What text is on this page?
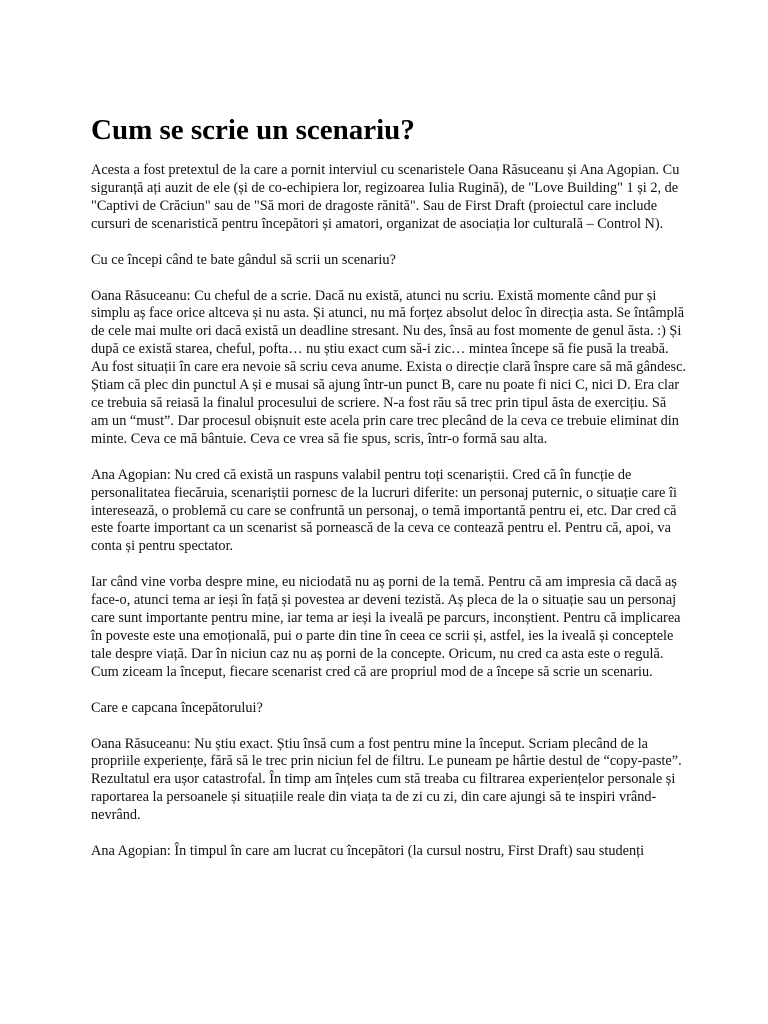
Cum se scrie un scenariu?

Acesta a fost pretextul de la care a pornit interviul cu scenaristele Oana Răsuceanu și Ana Agopian. Cu siguranță ați auzit de ele (și de co-echipiera lor, regizoarea Iulia Rugină), de "Love Building" 1 și 2, de "Captivi de Crăciun" sau de "Să mori de dragoste rănită". Sau de First Draft (proiectul care include cursuri de scenaristică pentru începători și amatori, organizat de asociația lor culturală – Control N).

Cu ce începi când te bate gândul să scrii un scenariu?

Oana Răsuceanu: Cu cheful de a scrie. Dacă nu există, atunci nu scriu. Există momente când pur și simplu aș face orice altceva și nu asta. Și atunci, nu mă forțez absolut deloc în direcția asta. Se întâmplă de cele mai multe ori dacă există un deadline stresant. Nu des, însă au fost momente de genul ăsta. :) Și după ce există starea, cheful, pofta… nu știu exact cum să-i zic… mintea începe să fie pusă la treabă. Au fost situații în care era nevoie să scriu ceva anume. Exista o direcție clară înspre care să mă gândesc. Știam că plec din punctul A și e musai să ajung într-un punct B, care nu poate fi nici C, nici D. Era clar ce trebuia să reiasă la finalul procesului de scriere. N-a fost rău să trec prin tipul ăsta de exercițiu. Să am un “must”. Dar procesul obișnuit este acela prin care trec plecând de la ceva ce trebuie eliminat din minte. Ceva ce mă bântuie. Ceva ce vrea să fie spus, scris, într-o formă sau alta.

Ana Agopian: Nu cred că există un raspuns valabil pentru toți scenariștii. Cred că în funcție de personalitatea fiecăruia, scenariștii pornesc de la lucruri diferite: un personaj puternic, o situație care îi interesează, o problemă cu care se confruntă un personaj, o temă importantă pentru ei, etc. Dar cred că este foarte important ca un scenarist să pornească de la ceva ce contează pentru el. Pentru că, apoi, va conta și pentru spectator.

Iar când vine vorba despre mine, eu niciodată nu aș porni de la temă. Pentru că am impresia că dacă aș face-o, atunci tema ar ieși în față și povestea ar deveni tezistă. Aș pleca de la o situație sau un personaj care sunt importante pentru mine, iar tema ar ieși la iveală pe parcurs, inconștient. Pentru că implicarea în poveste este una emoțională, pui o parte din tine în ceea ce scrii și, astfel, ies la iveală și conceptele tale despre viață. Dar în niciun caz nu aș porni de la concepte. Oricum, nu cred ca asta este o regulă. Cum ziceam la început, fiecare scenarist cred că are propriul mod de a începe să scrie un scenariu.

Care e capcana începătorului?

Oana Răsuceanu: Nu știu exact. Știu însă cum a fost pentru mine la început. Scriam plecând de la propriile experiențe, fără să le trec prin niciun fel de filtru. Le puneam pe hârtie destul de “copy-paste”. Rezultatul era ușor catastrofal. În timp am înțeles cum stă treaba cu filtrarea experiențelor personale și raportarea la persoanele și situațiile reale din viața ta de zi cu zi, din care ajungi să te inspiri vrând-nevrând.

Ana Agopian: În timpul în care am lucrat cu începători (la cursul nostru, First Draft) sau studenți
